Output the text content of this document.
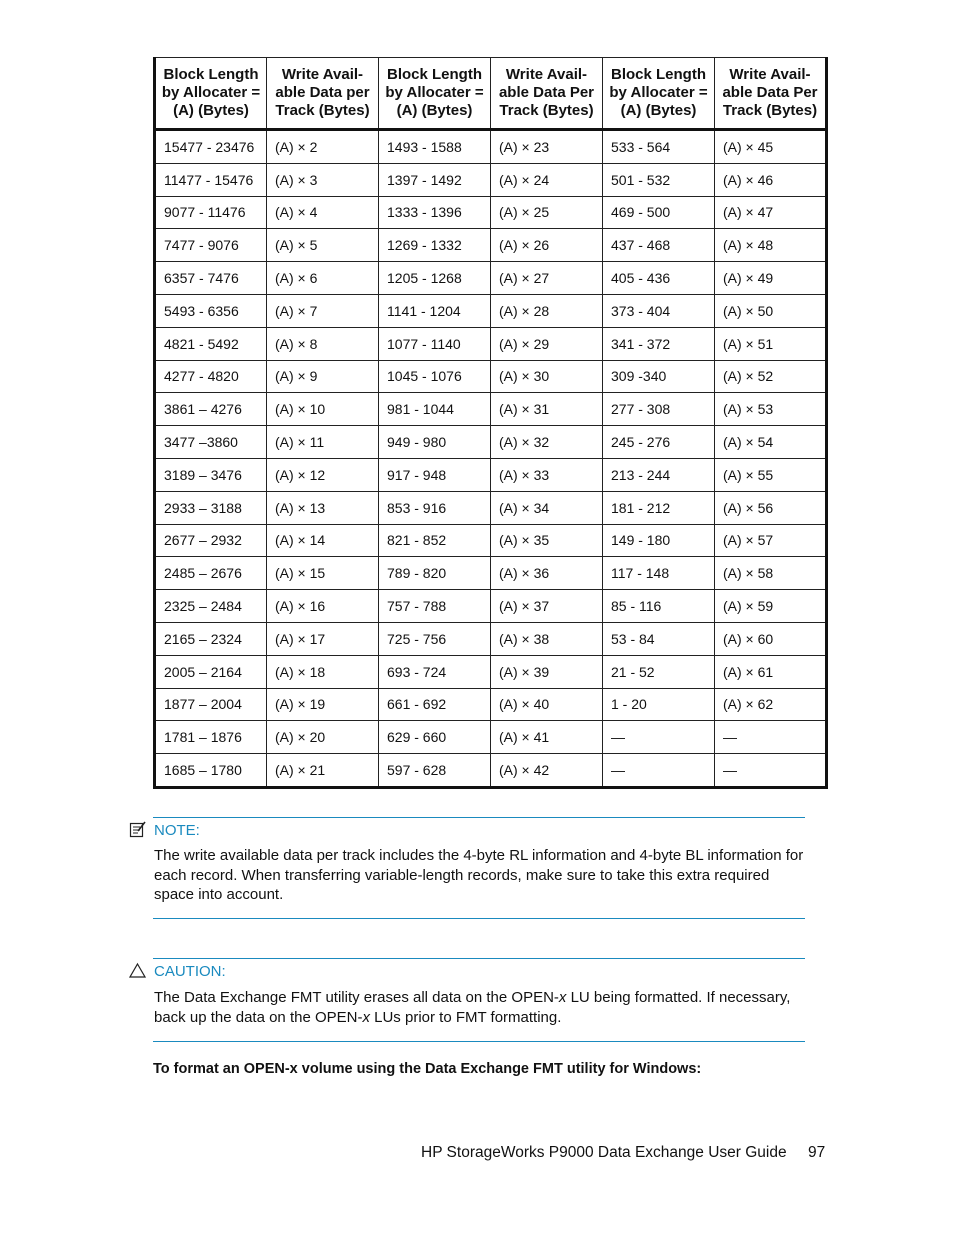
Block Length by Allocater = (A) (Bytes)	Write Avail-able Data per Track (Bytes)	Block Length by Allocater = (A) (Bytes)	Write Avail-able Data Per Track (Bytes)	Block Length by Allocater = (A) (Bytes)	Write Avail-able Data Per Track (Bytes)
15477 - 23476	(A) × 2	1493 - 1588	(A) × 23	533 - 564	(A) × 45
11477 - 15476	(A) × 3	1397 - 1492	(A) × 24	501 - 532	(A) × 46
9077 - 11476	(A) × 4	1333 - 1396	(A) × 25	469 - 500	(A) × 47
7477 - 9076	(A) × 5	1269 - 1332	(A) × 26	437 - 468	(A) × 48
6357 - 7476	(A) × 6	1205 - 1268	(A) × 27	405 - 436	(A) × 49
5493 - 6356	(A) × 7	1141 - 1204	(A) × 28	373 - 404	(A) × 50
4821 - 5492	(A) × 8	1077 - 1140	(A) × 29	341 - 372	(A) × 51
4277 - 4820	(A) × 9	1045 - 1076	(A) × 30	309 -340	(A) × 52
3861 – 4276	(A) × 10	981 - 1044	(A) × 31	277 - 308	(A) × 53
3477 –3860	(A) × 11	949 - 980	(A) × 32	245 - 276	(A) × 54
3189 – 3476	(A) × 12	917 - 948	(A) × 33	213 - 244	(A) × 55
2933 – 3188	(A) × 13	853 - 916	(A) × 34	181 - 212	(A) × 56
2677 – 2932	(A) × 14	821 - 852	(A) × 35	149 - 180	(A) × 57
2485 – 2676	(A) × 15	789 - 820	(A) × 36	117 - 148	(A) × 58
2325 – 2484	(A) × 16	757 - 788	(A) × 37	85 - 116	(A) × 59
2165 – 2324	(A) × 17	725 - 756	(A) × 38	53 - 84	(A) × 60
2005 – 2164	(A) × 18	693 - 724	(A) × 39	21 - 52	(A) × 61
1877 – 2004	(A) × 19	661 - 692	(A) × 40	1 - 20	(A) × 62
1781 – 1876	(A) × 20	629 - 660	(A) × 41	—	—
1685 – 1780	(A) × 21	597 - 628	(A) × 42	—	—
NOTE:
The write available data per track includes the 4-byte RL information and 4-byte BL information for each record. When transferring variable-length records, make sure to take this extra required space into account.
CAUTION:
The Data Exchange FMT utility erases all data on the OPEN-x LU being formatted. If necessary, back up the data on the OPEN-x LUs prior to FMT formatting.
To format an OPEN-x volume using the Data Exchange FMT utility for Windows:
HP StorageWorks P9000 Data Exchange User Guide 97
